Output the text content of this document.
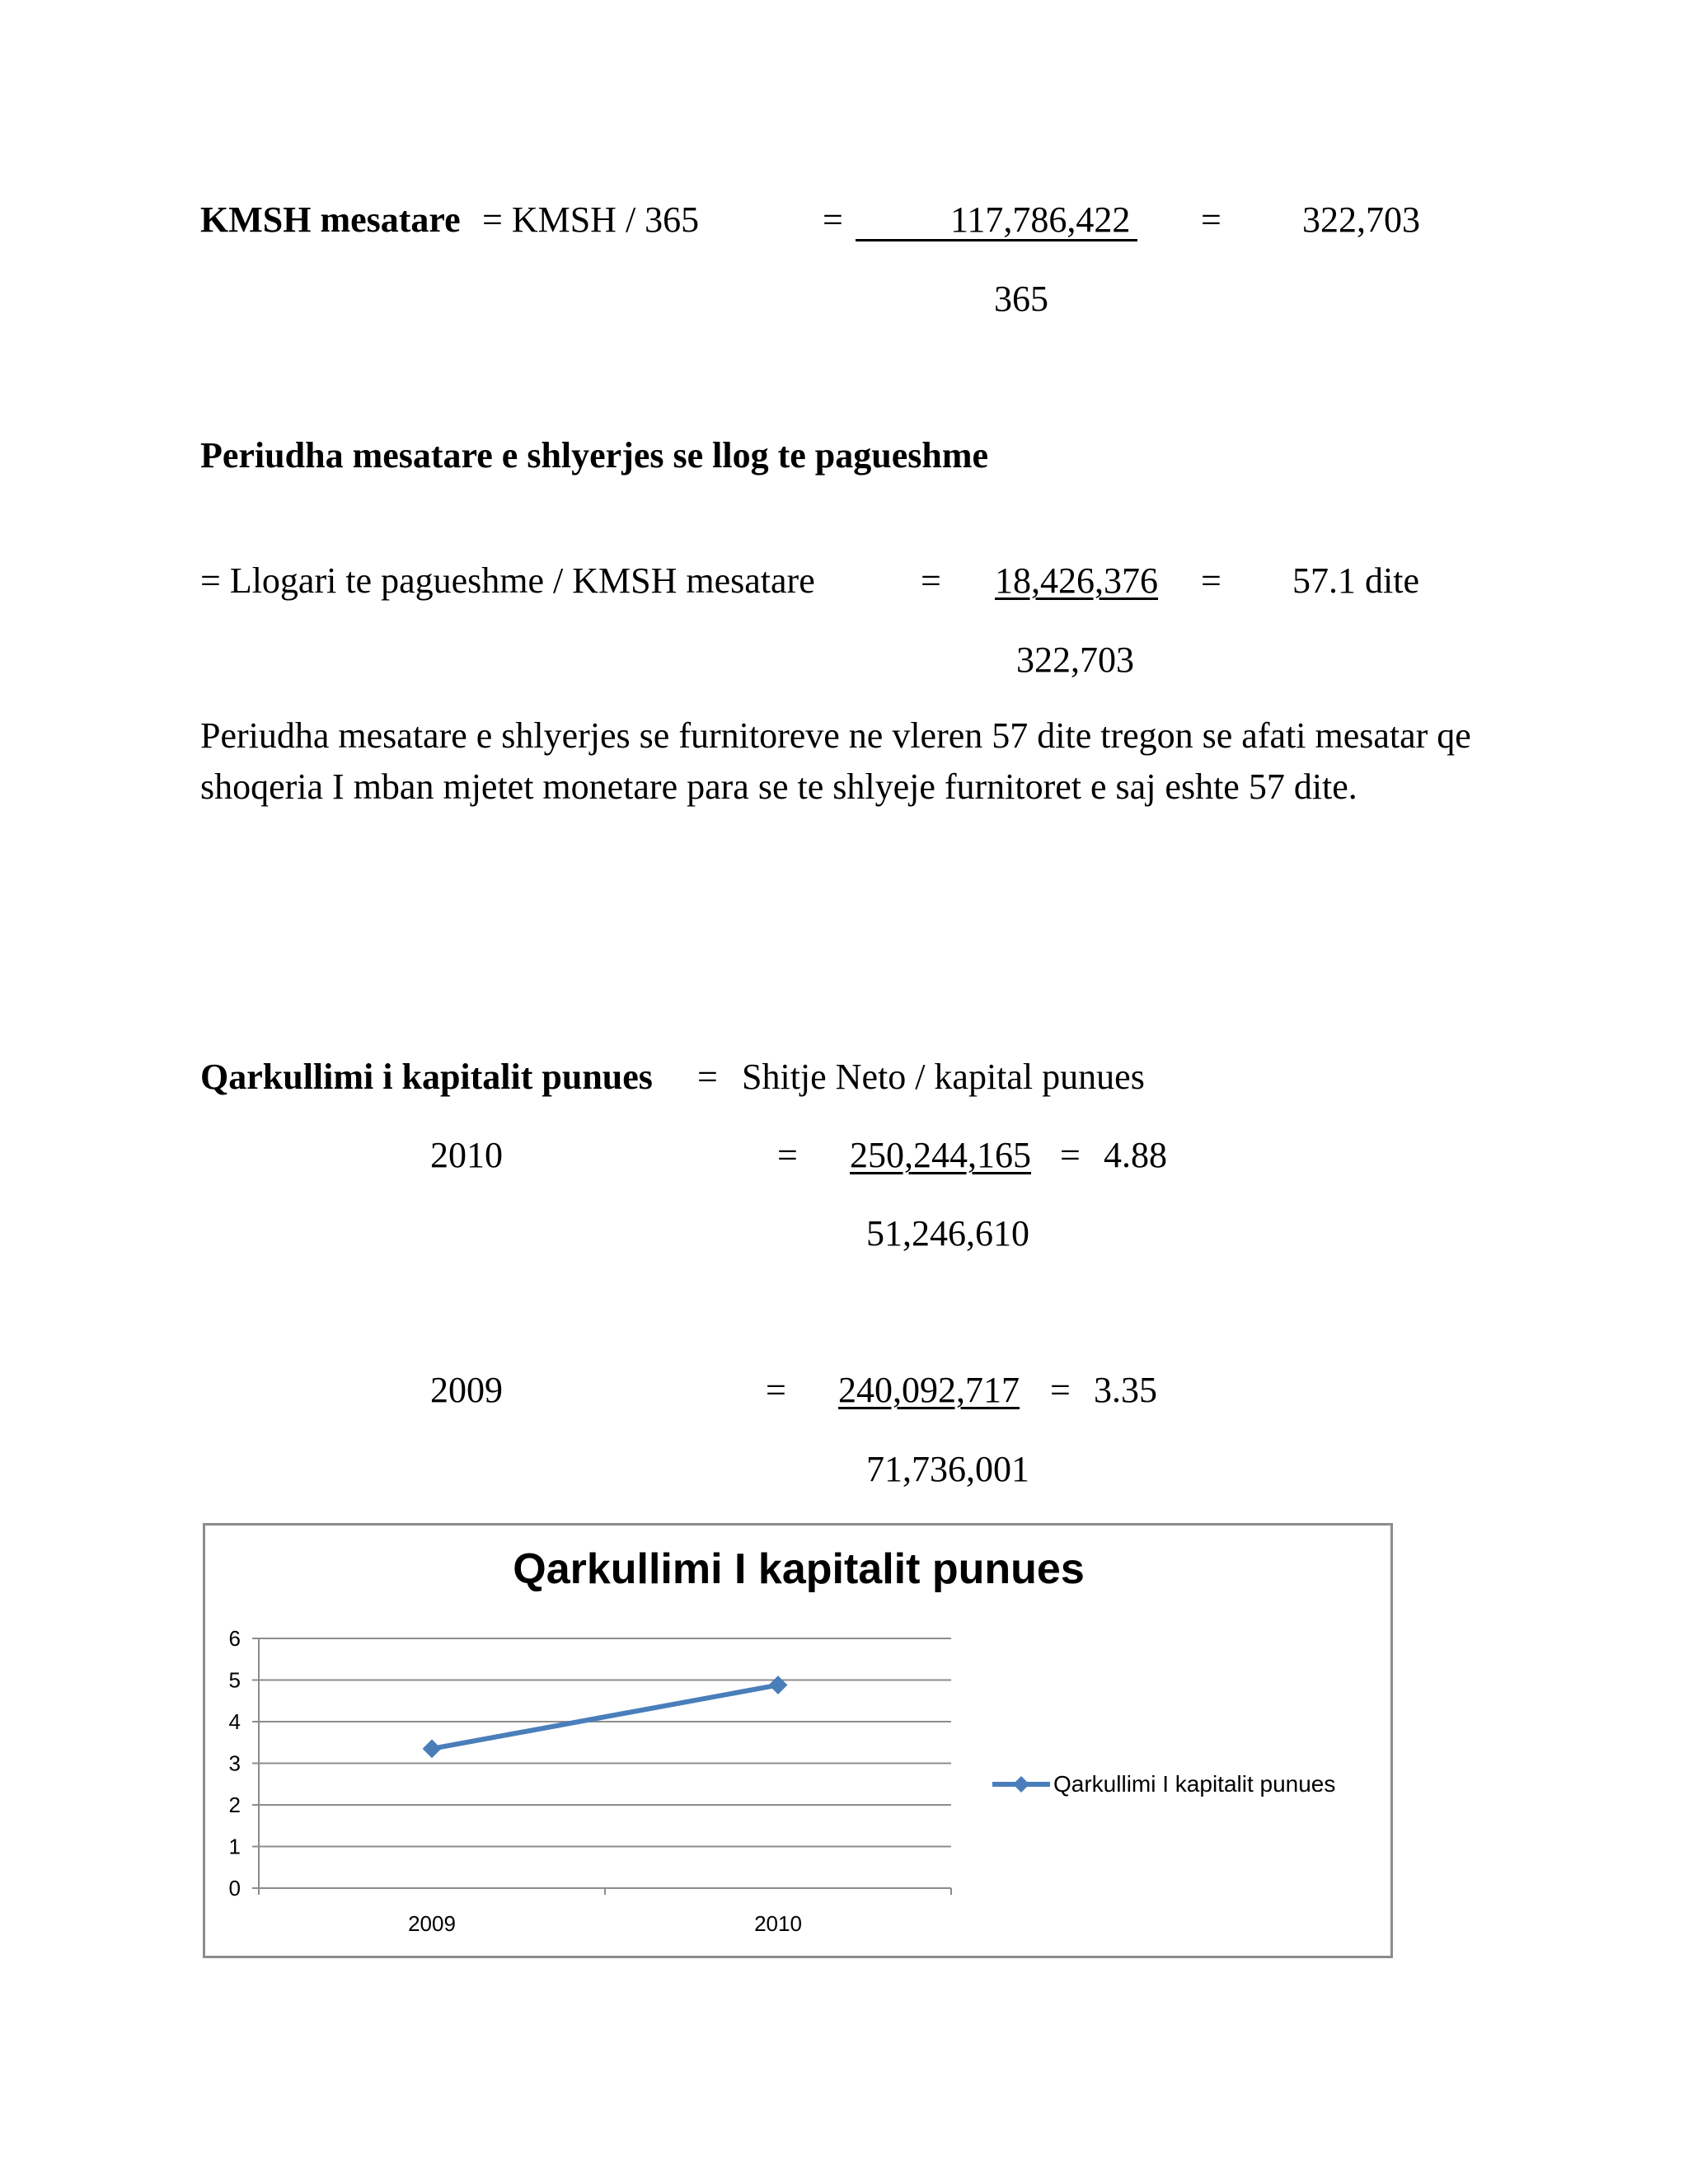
KMSH mesatare = KMSH / 365	=	117,786,422 = 322,703
365
Periudha mesatare e shlyerjes se llog te pagueshme
= Llogari te pagueshme / KMSH mesatare	= 18,426,376 = 57.1 dite
322,703
Periudha mesatare e shlyerjes se furnitoreve ne vleren 57 dite tregon se afati mesatar qe shoqeria I mban mjetet monetare para se te shlyeje furnitoret e saj eshte 57 dite.
Qarkullimi i kapitalit punues = Shitje Neto / kapital punues
2010	= 250,244,165 = 4.88
51,246,610
2009	= 240,092,717 = 3.35
71,736,001
Qarkullimi I kapitalit punues
0
1
2
3
4
5
6
2009	2010
Qarkullimi I kapitalit punues
